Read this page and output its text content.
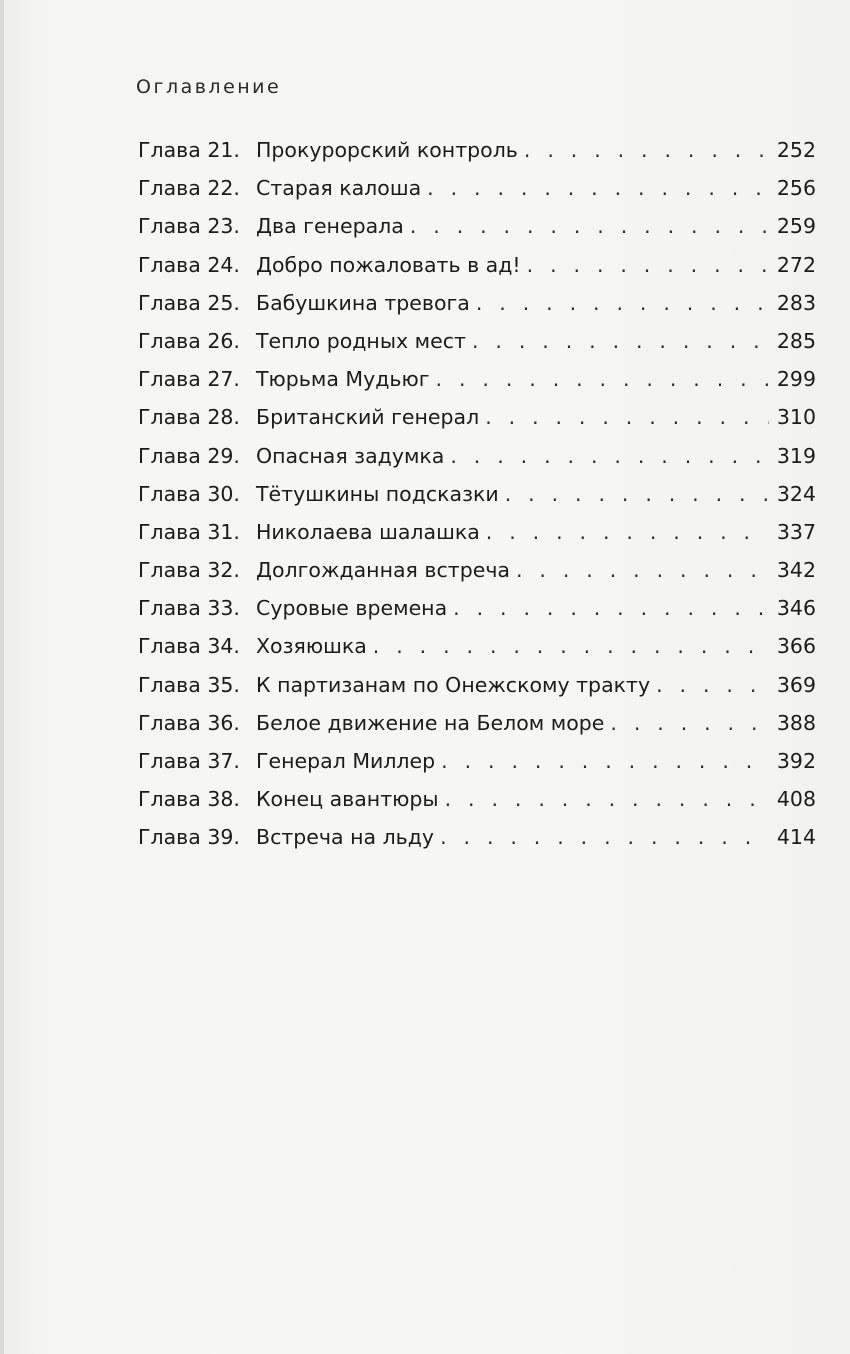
Оглавление
Глава 21. Прокурорский контроль . . .	252
Глава 22. Старая калоша . . .	256
Глава 23. Два генерала . . .	259
Глава 24. Добро пожаловать в ад! . . .	272
Глава 25. Бабушкина тревога . . .	283
Глава 26. Тепло родных мест . . .	285
Глава 27. Тюрьма Мудьюг . . .	299
Глава 28. Британский генерал . . .	310
Глава 29. Опасная задумка . . .	319
Глава 30. Тётушкины подсказки . . .	324
Глава 31. Николаева шалашка . . .	337
Глава 32. Долгожданная встреча . . .	342
Глава 33. Суровые времена . . .	346
Глава 34. Хозяюшка . . .	366
Глава 35. К партизанам по Онежскому тракту . . .	369
Глава 36. Белое движение на Белом море . . .	388
Глава 37. Генерал Миллер . . .	392
Глава 38. Конец авантюры . . .	408
Глава 39. Встреча на льду . . .	414
